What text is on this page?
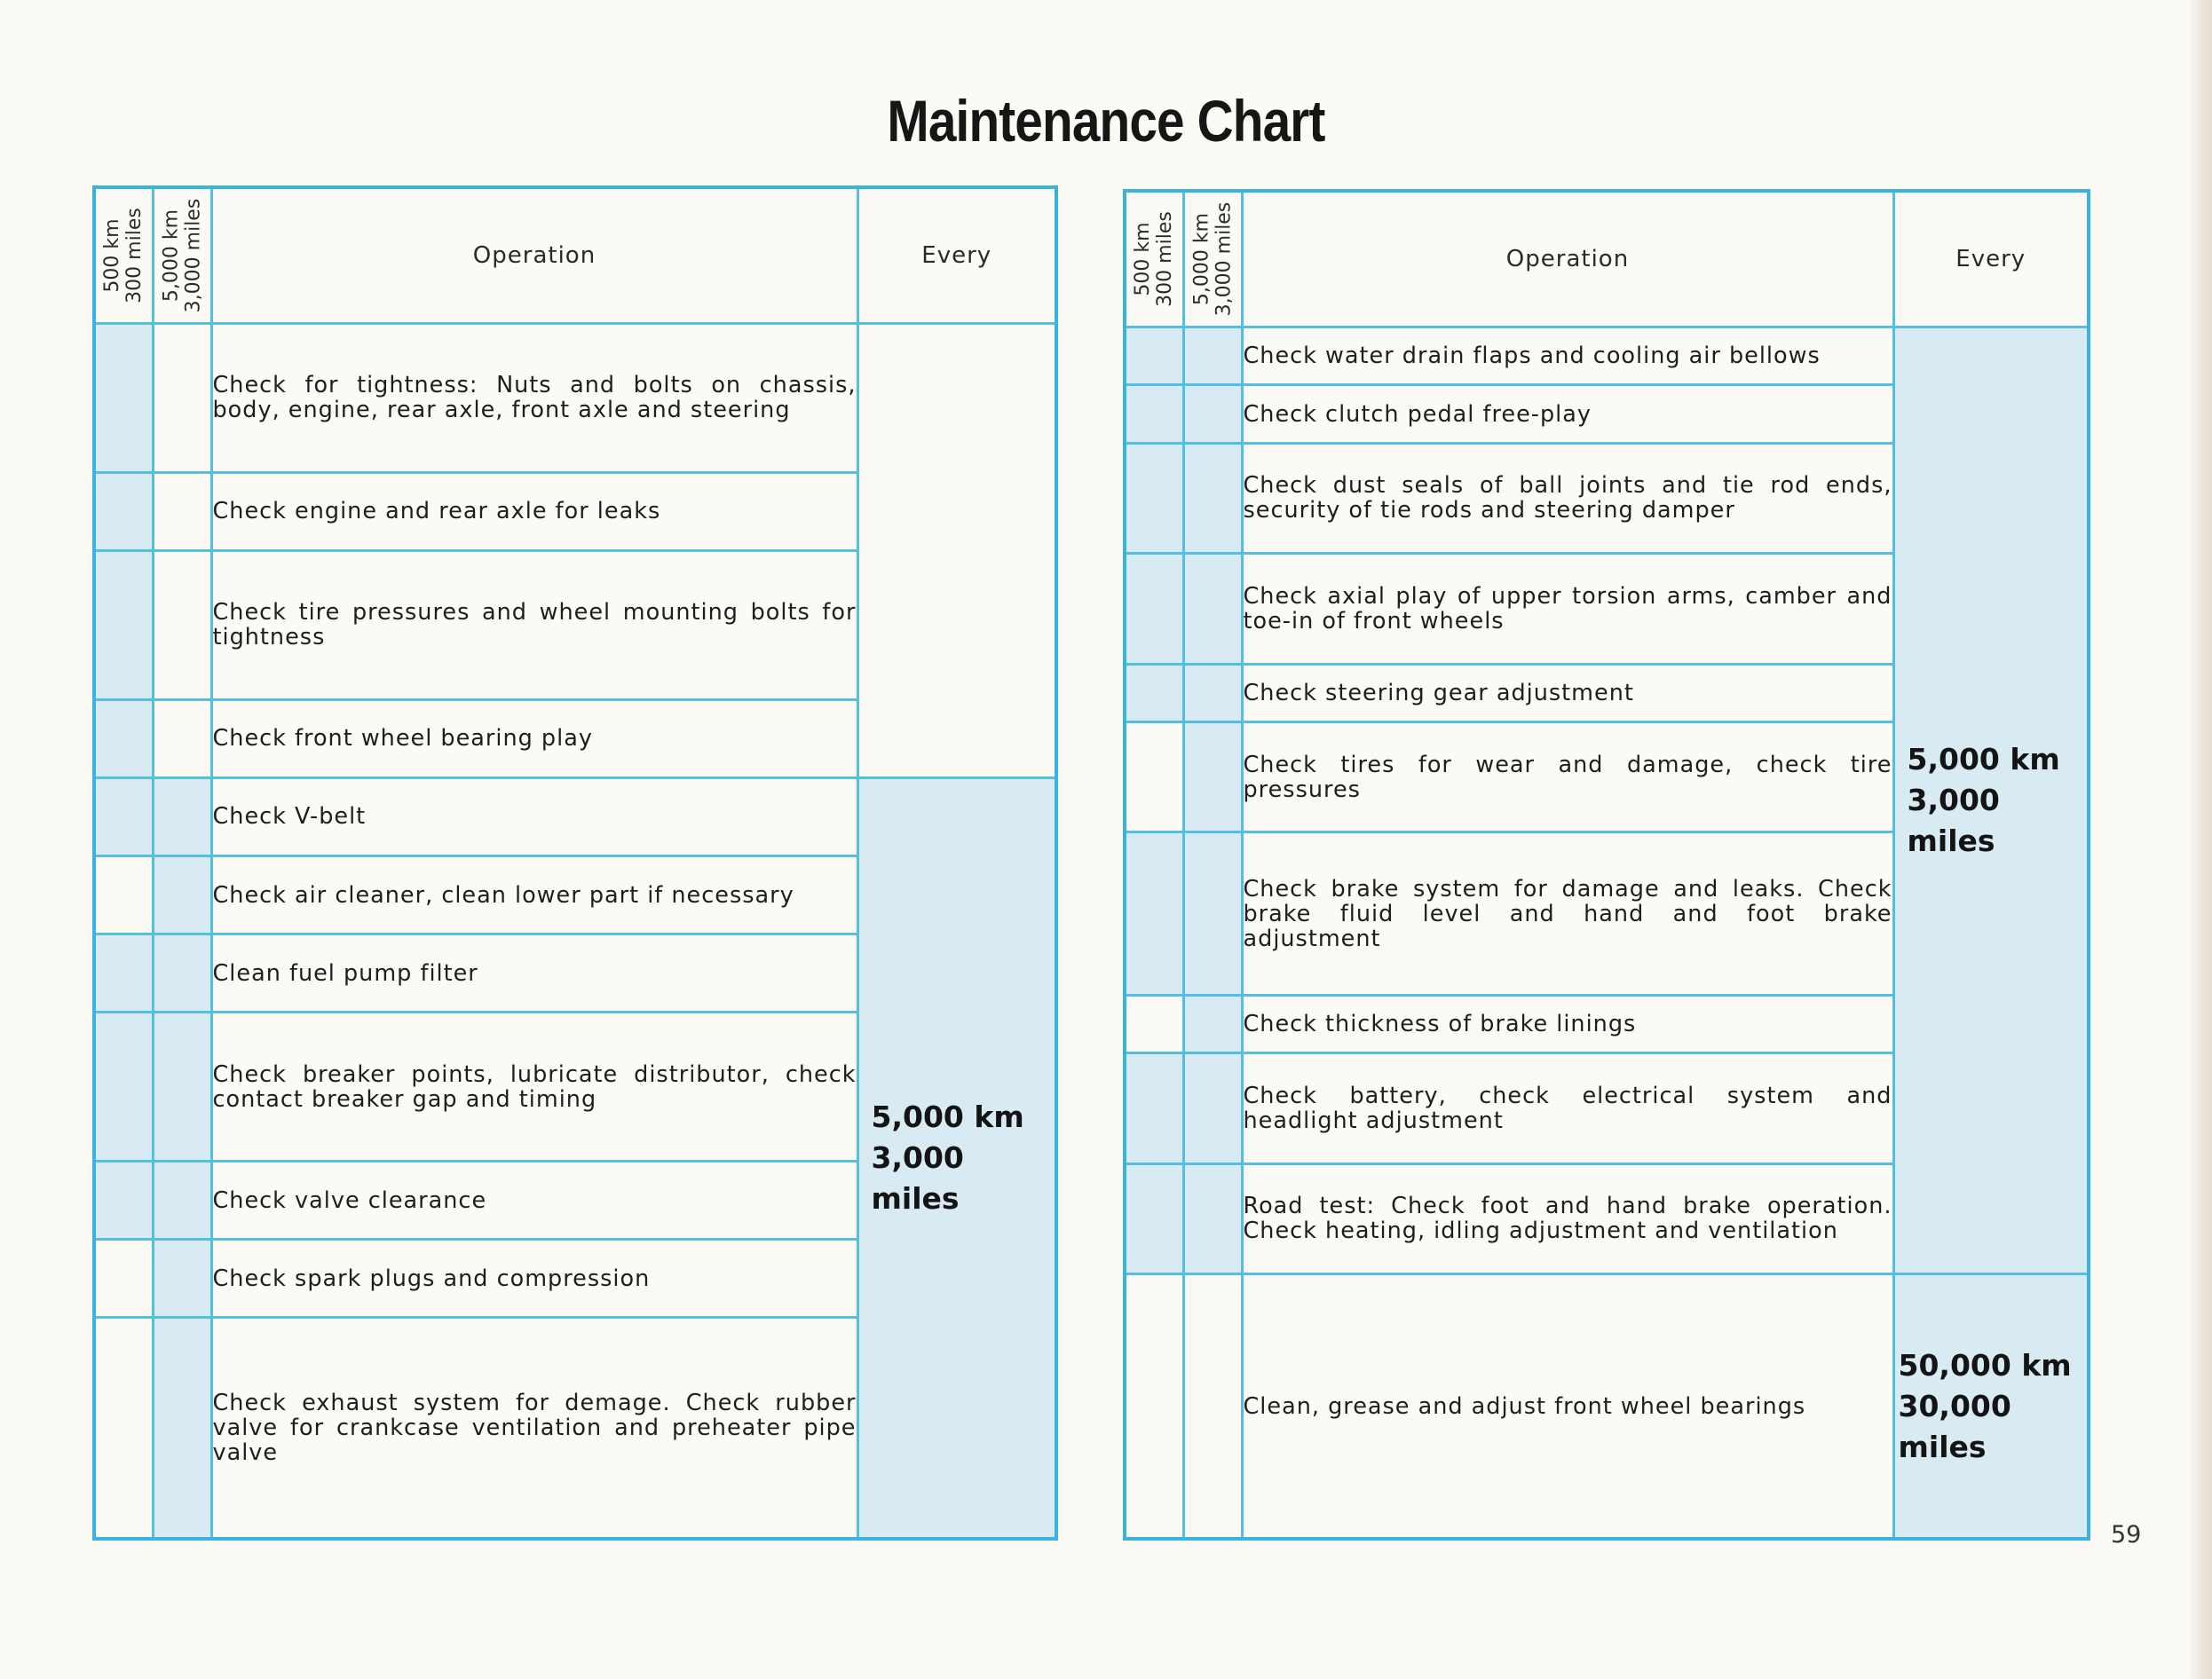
Maintenance Chart
500 km 300 miles	5,000 km 3,000 miles	Operation	Every
		Check for tightness: Nuts and bolts on chassis, body, engine, rear axle, front axle and steering	

		Check engine and rear axle for leaks	
		Check tire pressures and wheel mounting bolts for tightness	
		Check front wheel bearing play	
		Check V-belt	5,000 km
3,000 miles

		Check air cleaner, clean lower part if necessary	
		Clean fuel pump filter	
		Check breaker points, lubricate distributor, check contact breaker gap and timing	
		Check valve clearance	
		Check spark plugs and compression	
		Check exhaust system for demage. Check rubber valve for crankcase ventilation and preheater pipe valve	
500 km 300 miles	5,000 km 3,000 miles	Operation	Every
		Check water drain flaps and cooling air bellows	5,000 km
3,000 miles

		Check clutch pedal free-play	
		Check dust seals of ball joints and tie rod ends, security of tie rods and steering damper	
		Check axial play of upper torsion arms, camber and toe-in of front wheels	
		Check steering gear adjustment	
		Check tires for wear and damage, check tire pressures	
		Check brake system for damage and leaks. Check brake fluid level and hand and foot brake adjustment	
		Check thickness of brake linings	
		Check battery, check electrical system and headlight adjustment	
		Road test: Check foot and hand brake operation. Check heating, idling adjustment and ventilation	
		Clean, grease and adjust front wheel bearings	50,000 km
30,000 miles
59
